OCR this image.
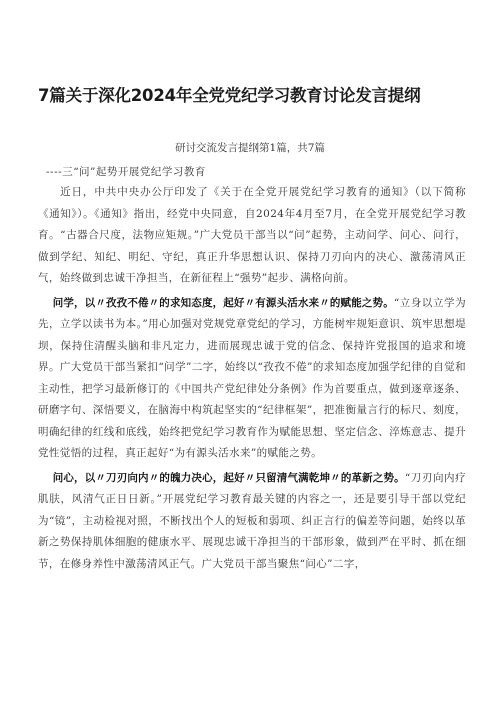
7篇关于深化2024年全党党纪学习教育讨论发言提纲
研讨交流发言提纲第1篇，共7篇
----三“问”起势开展党纪学习教育

近日，中共中央办公厅印发了《关于在全党开展党纪学习教育的通知》（以下简称《通知》）。《通知》指出，经党中央同意，自2024年4月至7月，在全党开展党纪学习教育。“古器合尺度，法物应矩规。”广大党员干部当以“问”起势，主动问学、问心、问行，做到学纪、知纪、明纪、守纪，真正升华思想认识、保持刀刃向内的决心、激荡清风正气，始终做到忠诚干净担当，在新征程上“强势”起步、满格向前。

问学，以〃孜孜不倦〃的求知态度，起好〃有源头活水来〃的赋能之势。“立身以立学为先，立学以读书为本。”用心加强对党规党章党纪的学习，方能树牢规矩意识、筑牢思想堤坝，保持住清醒头脑和非凡定力，进而展现忠诚于党的信念、保持许党报国的追求和境界。广大党员干部当紧扣“问学”二字，始终以“孜孜不倦”的求知态度加强学纪律的自觉和主动性，把学习最新修订的《中国共产党纪律处分条例》作为首要重点，做到逐章逐条、研磨字句、深悟要义，在脑海中构筑起坚实的“纪律框架”，把准衡量言行的标尺、刻度，明确纪律的红线和底线，始终把党纪学习教育作为赋能思想、坚定信念、淬炼意志、提升党性觉悟的过程，真正起好“为有源头活水来”的赋能之势。

问心，以〃刀刃向内〃的魄力决心，起好〃只留清气满乾坤〃的革新之势。“刀刃向内疗肌肤，风清气正日日新。”开展党纪学习教育最关键的内容之一，还是要引导干部以党纪为“镜”，主动检视对照，不断找出个人的短板和弱项、纠正言行的偏差等问题，始终以革新之势保持肌体细胞的健康水平、展现忠诚干净担当的干部形象，做到严在平时、抓在细节，在修身养性中激荡清风正气。广大党员干部当聚焦“问心”二字，
